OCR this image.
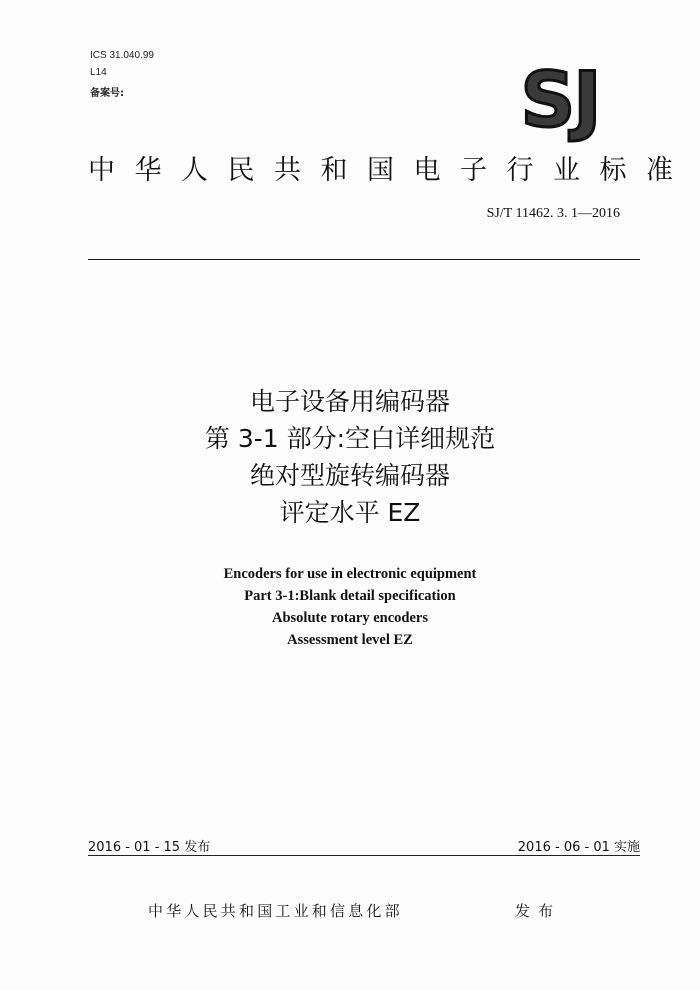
ICS 31.040.99
L14
备案号:	SJ
中华人民共和国电子行业标准
SJ/T 11462. 3. 1—2016
电子设备用编码器
第 3-1 部分:空白详细规范
绝对型旋转编码器
评定水平 EZ
Encoders for use in electronic equipment
Part 3-1:Blank detail specification
Absolute rotary encoders
Assessment level EZ
2016 - 01 - 15 发布	2016 - 06 - 01 实施
中华人民共和国工业和信息化部	发布
